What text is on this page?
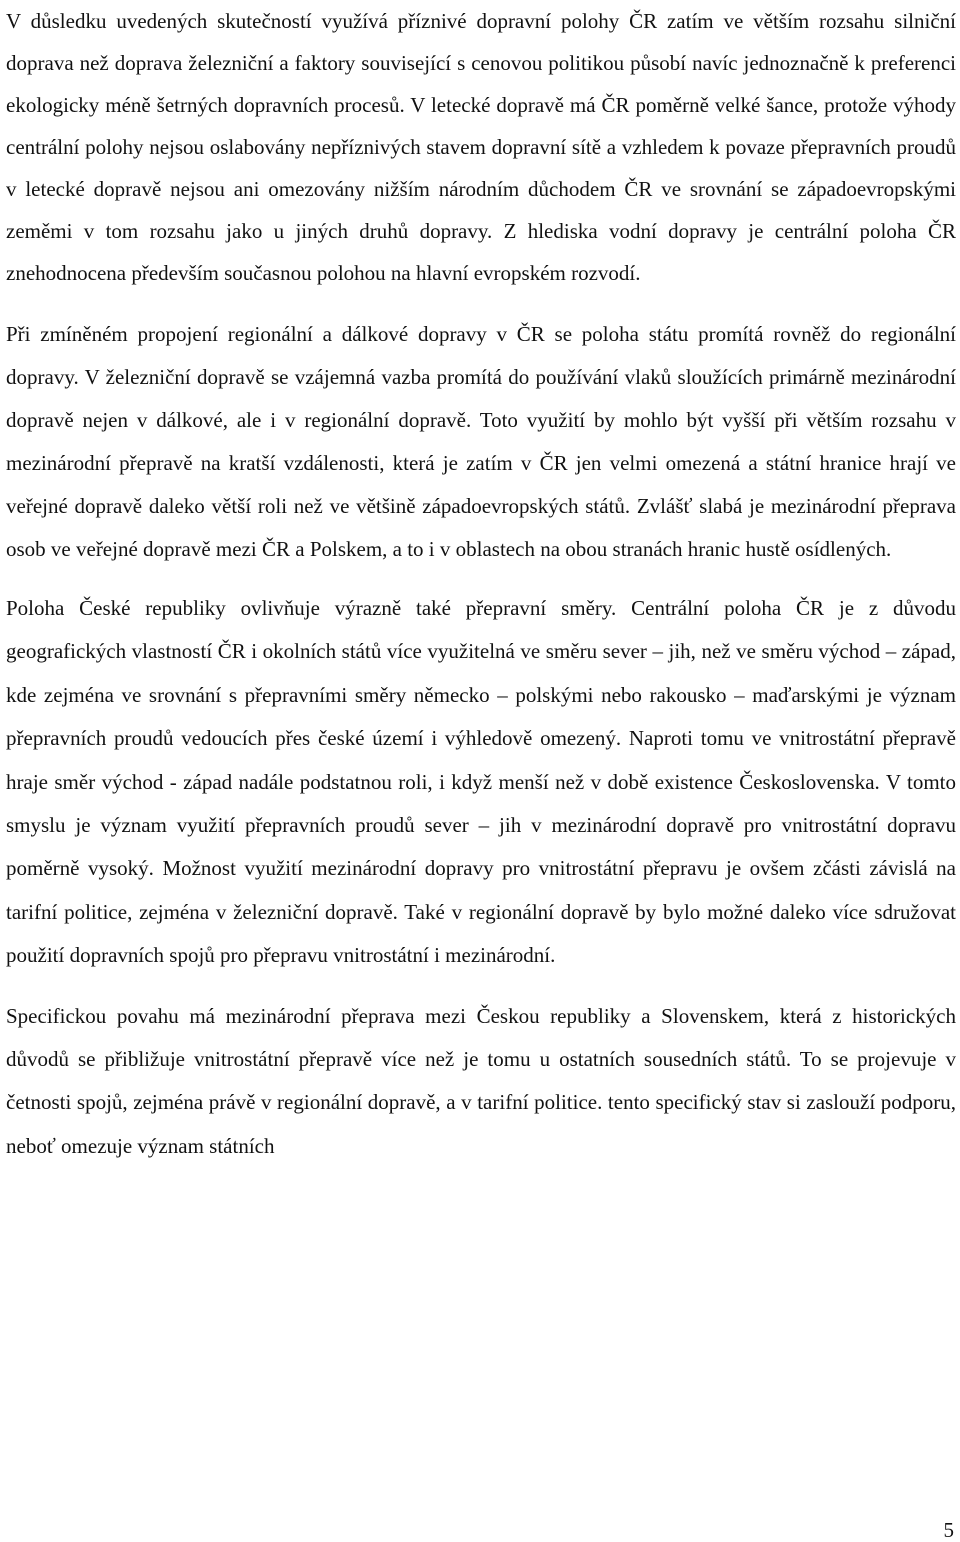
V důsledku uvedených skutečností využívá příznivé dopravní polohy ČR zatím ve větším rozsahu silniční doprava než doprava železniční a faktory související s cenovou politikou působí navíc jednoznačně k preferenci ekologicky méně šetrných dopravních procesů. V letecké dopravě má ČR poměrně velké šance, protože výhody centrální polohy nejsou oslabovány nepříznivých stavem dopravní sítě a vzhledem k povaze přepravních proudů v letecké dopravě nejsou ani omezovány nižším národním důchodem ČR ve srovnání se západoevropskými zeměmi v tom rozsahu jako u jiných druhů dopravy. Z hlediska vodní dopravy je centrální poloha ČR znehodnocena především současnou polohou na hlavní evropském rozvodí.

Při zmíněném propojení regionální a dálkové dopravy v ČR se poloha státu promítá rovněž do regionální dopravy. V železniční dopravě se vzájemná vazba promítá do používání vlaků sloužících primárně mezinárodní dopravě nejen v dálkové, ale i v regionální dopravě. Toto využití by mohlo být vyšší při větším rozsahu v mezinárodní přepravě na kratší vzdálenosti, která je zatím v ČR jen velmi omezená a státní hranice hrají ve veřejné dopravě daleko větší roli než ve většině západoevropských států. Zvlášť slabá je mezinárodní přeprava osob ve veřejné dopravě mezi ČR a Polskem, a to i v oblastech na obou stranách hranic hustě osídlených.

Poloha České republiky ovlivňuje výrazně také přepravní směry. Centrální poloha ČR je z důvodu geografických vlastností ČR i okolních států více využitelná ve směru sever – jih, než ve směru východ – západ, kde zejména ve srovnání s přepravními směry německo – polskými nebo rakousko – maďarskými je význam přepravních proudů vedoucích přes české území i výhledově omezený. Naproti tomu ve vnitrostátní přepravě hraje směr východ - západ nadále podstatnou roli, i když menší než v době existence Československa. V tomto smyslu je význam využití přepravních proudů sever – jih v mezinárodní dopravě pro vnitrostátní dopravu poměrně vysoký. Možnost využití mezinárodní dopravy pro vnitrostátní přepravu je ovšem zčásti závislá na tarifní politice, zejména v železniční dopravě. Také v regionální dopravě by bylo možné daleko více sdružovat použití dopravních spojů pro přepravu vnitrostátní i mezinárodní.

Specifickou povahu má mezinárodní přeprava mezi Českou republiky a Slovenskem, která z historických důvodů se přibližuje vnitrostátní přepravě více než je tomu u ostatních sousedních států. To se projevuje v četnosti spojů, zejména právě v regionální dopravě, a v tarifní politice. tento specifický stav si zaslouží podporu, neboť omezuje význam státních

5
